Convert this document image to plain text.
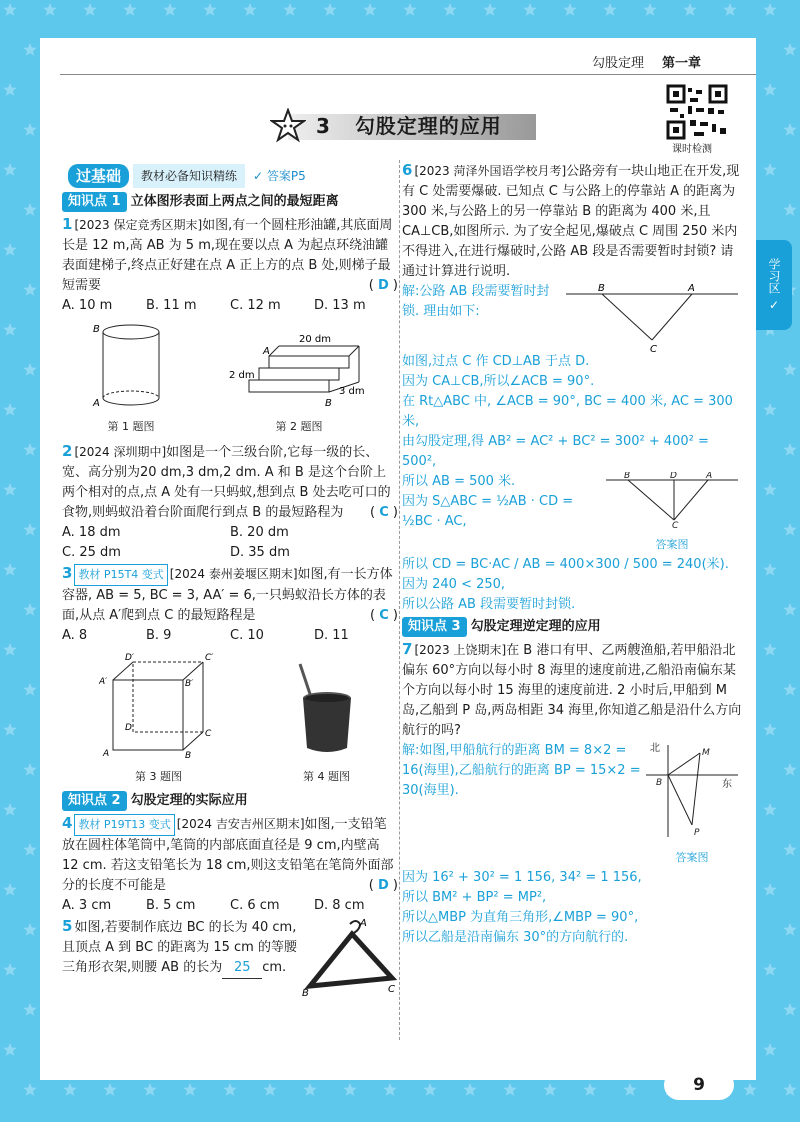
勾股定理 第一章
3 勾股定理的应用
课时检测
学习区 ✓
过基础	教材必备知识精练	✓ 答案P5
知识点 1 立体图形表面上两点之间的最短距离

1 [2023 保定竞秀区期末]如图,有一个圆柱形油罐,其底面周长是 12 m,高 AB 为 5 m,现在要以点 A 为起点环绕油罐表面建梯子,终点正好建在点 A 正上方的点 B 处,则梯子最短需要	( D )

A. 10 m	B. 11 m	C. 12 m	D. 13 m
B
A
第 1 题图
A
B
20 dm
2 dm
3 dm
第 2 题图

2 [2024 深圳期中]如图是一个三级台阶,它每一级的长、宽、高分别为20 dm,3 dm,2 dm. A 和 B 是这个台阶上两个相对的点,点 A 处有一只蚂蚁,想到点 B 处去吃可口的食物,则蚂蚁沿着台阶面爬行到点 B 的最短路程为 ( C )

A. 18 dm	B. 20 dm
C. 25 dm	D. 35 dm

3 教材 P15T4 变式 [2024 泰州姜堰区期末]如图,有一长方体容器, AB = 5, BC = 3, AA′ = 6,一只蚂蚁沿长方体的表面,从点 A′爬到点 C 的最短路程是	( C )

A. 8	B. 9	C. 10	D. 11
D′	C′
A′	B′
D
C
A	B
第 3 题图	第 4 题图
知识点 2 勾股定理的实际应用

4 教材 P19T13 变式 [2024 吉安吉州区期末]如图,一支铅笔放在圆柱体笔筒中,笔筒的内部底面直径是 9 cm,内壁高 12 cm. 若这支铅笔长为 18 cm,则这支铅笔在笔筒外面部分的长度不可能是	( D )

A. 3 cm	B. 5 cm	C. 6 cm	D. 8 cm

5 如图,若要制作底边 BC 的长为 40 cm,且顶点 A 到 BC 的距离为 15 cm 的等腰三角形衣架,则腰 AB 的长为 25 cm.

A
B	C

6 [2023 菏泽外国语学校月考]公路旁有一块山地正在开发,现有 C 处需要爆破. 已知点 C 与公路上的停靠站 A 的距离为 300 米,与公路上的另一停靠站 B 的距离为 400 米,且 CA⊥CB,如图所示. 为了安全起见,爆破点 C 周围 250 米内不得进入,在进行爆破时,公路 AB 段是否需要暂时封锁? 请通过计算进行说明.

解:公路 AB 段需要暂时封锁. 理由如下:

B	A
C

如图,过点 C 作 CD⊥AB 于点 D.

因为 CA⊥CB,所以∠ACB = 90°.

在 Rt△ABC 中, ∠ACB = 90°, BC = 400 米, AC = 300 米,

由勾股定理,得 AB² = AC² + BC² = 300² + 400² = 500²,

所以 AB = 500 米.

因为 S△ABC = ½AB · CD = ½BC · AC,

B	D	A
C
答案图

所以 CD = BC·AC / AB = 400×300 / 500 = 240(米).

因为 240 < 250,

所以公路 AB 段需要暂时封锁.

知识点 3 勾股定理逆定理的应用

7 [2023 上饶期末]在 B 港口有甲、乙两艘渔船,若甲船沿北偏东 60°方向以每小时 8 海里的速度前进,乙船沿南偏东某个方向以每小时 15 海里的速度前进. 2 小时后,甲船到 M 岛,乙船到 P 岛,两岛相距 34 海里,你知道乙船是沿什么方向航行的吗?

解:如图,甲船航行的距离 BM = 8×2 = 16(海里),乙船航行的距离 BP = 15×2 = 30(海里).

北
东
M
B
P
答案图

因为 16² + 30² = 1 156, 34² = 1 156,

所以 BM² + BP² = MP²,

所以△MBP 为直角三角形,∠MBP = 90°,

所以乙船是沿南偏东 30°的方向航行的.

9
